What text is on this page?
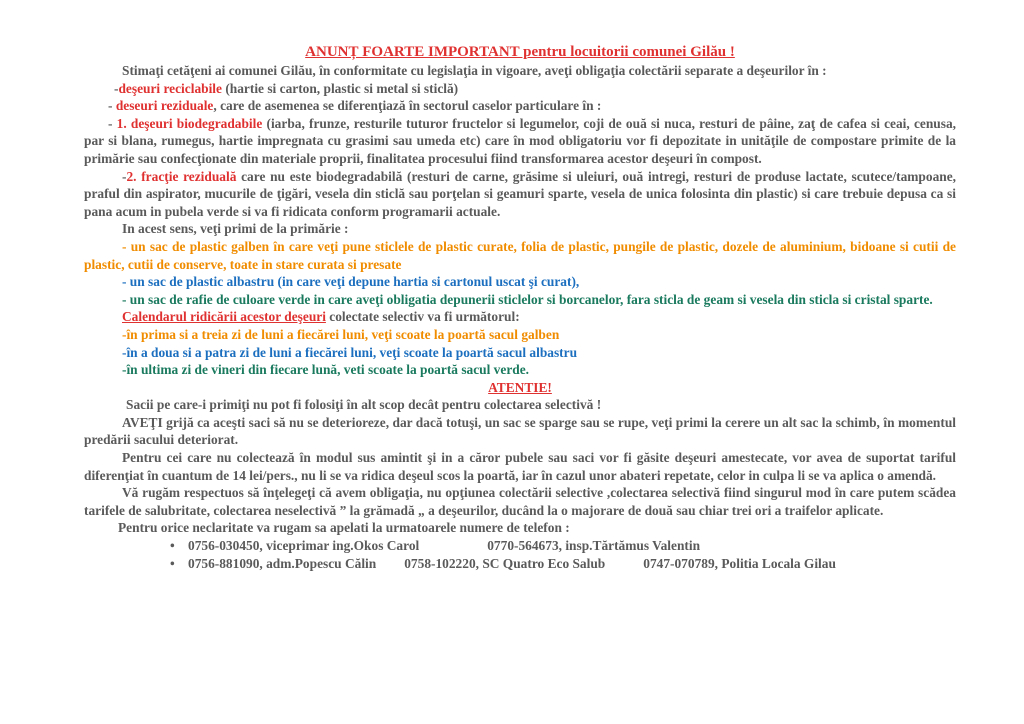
ANUNȚ FOARTE IMPORTANT pentru locuitorii comunei Gilău !

Stimaţi cetăţeni ai comunei Gilău, în conformitate cu legislaţia in vigoare, aveţi obligaţia colectării separate a deşeurilor în :

-deşeuri reciclabile (hartie si carton, plastic si metal si sticlă)

- deseuri reziduale, care de asemenea se diferenţiază în sectorul caselor particulare în :

- 1. deşeuri biodegradabile (iarba, frunze, resturile tuturor fructelor si legumelor, coji de ouă si nuca, resturi de pâine, zaţ de cafea si ceai, cenusa, par si blana, rumegus, hartie impregnata cu grasimi sau umeda etc) care în mod obligatoriu vor fi depozitate in unităţile de compostare primite de la primărie sau confecţionate din materiale proprii, finalitatea procesului fiind transformarea acestor deşeuri în compost.

-2. fracţie reziduală care nu este biodegradabilă (resturi de carne, grăsime si uleiuri, ouă intregi, resturi de produse lactate, scutece/tampoane, praful din aspirator, mucurile de ţigări, vesela din sticlă sau porţelan si geamuri sparte, vesela de unica folosinta din plastic) si care trebuie depusa ca si pana acum in pubela verde si va fi ridicata conform programarii actuale.

In acest sens, veţi primi de la primărie :

- un sac de plastic galben în care veţi pune sticlele de plastic curate, folia de plastic, pungile de plastic, dozele de aluminium, bidoane si cutii de plastic, cutii de conserve, toate in stare curata si presate

- un sac de plastic albastru (in care veţi depune hartia si cartonul uscat şi curat),

- un sac de rafie de culoare verde in care aveţi obligatia depunerii sticlelor si borcanelor, fara sticla de geam si vesela din sticla si cristal sparte.

Calendarul ridicării acestor deşeuri colectate selectiv va fi următorul:

-în prima si a treia zi de luni a fiecărei luni, veţi scoate la poartă sacul galben

-în a doua si a patra zi de luni a fiecărei luni, veţi scoate la poartă sacul albastru

-în ultima zi de vineri din fiecare lună, veti scoate la poartă sacul verde.

ATENTIE!

Sacii pe care-i primiţi nu pot fi folosiţi în alt scop decât pentru colectarea selectivă !

AVEŢI grijă ca aceşti saci să nu se deterioreze, dar dacă totuşi, un sac se sparge sau se rupe, veţi primi la cerere un alt sac la schimb, în momentul predării sacului deteriorat.

Pentru cei care nu colectează în modul sus amintit şi in a căror pubele sau saci vor fi găsite deşeuri amestecate, vor avea de suportat tariful diferenţiat în cuantum de 14 lei/pers., nu li se va ridica deşeul scos la poartă, iar în cazul unor abateri repetate, celor in culpa li se va aplica o amendă.

Vă rugăm respectuos să înţelegeţi că avem obligaţia, nu opţiunea colectării selective ,colectarea selectivă fiind singurul mod în care putem scădea tarifele de salubritate, colectarea neselectivă ” la grămadă „ a deşeurilor, ducând la o majorare de două sau chiar trei ori a traifelor aplicate.

Pentru orice neclaritate va rugam sa apelati la urmatoarele numere de telefon :

• 0756-030450, viceprimar ing.Okos Carol	0770-564673, insp.Tărtămus Valentin
• 0756-881090, adm.Popescu Călin 0758-102220, SC Quatro Eco Salub	0747-070789, Politia Locala Gilau
